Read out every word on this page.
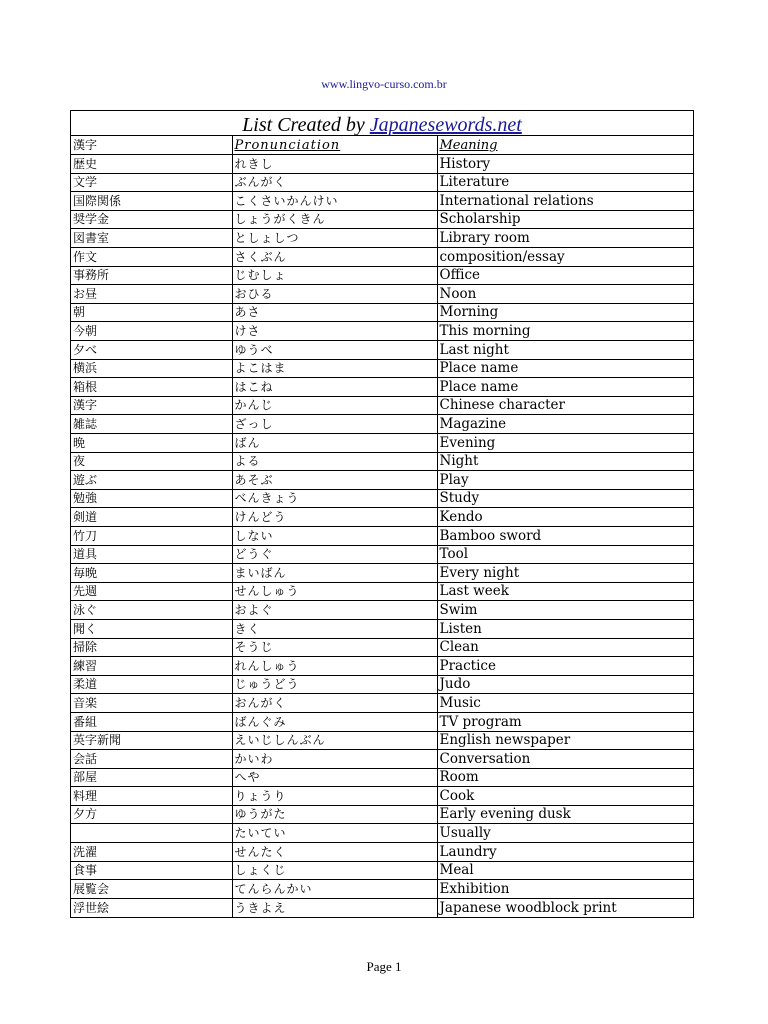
www.lingvo-curso.com.br
List Created by Japanesewords.net
漢字	Pronunciation	Meaning
歴史	れきし	History
文学	ぶんがく	Literature
国際関係	こくさいかんけい	International relations
奨学金	しょうがくきん	Scholarship
図書室	としょしつ	Library room
作文	さくぶん	composition/essay
事務所	じむしょ	Office
お昼	おひる	Noon
朝	あさ	Morning
今朝	けさ	This morning
夕べ	ゆうべ	Last night
横浜	よこはま	Place name
箱根	はこね	Place name
漢字	かんじ	Chinese character
雑誌	ざっし	Magazine
晩	ばん	Evening
夜	よる	Night
遊ぶ	あそぶ	Play
勉強	べんきょう	Study
剣道	けんどう	Kendo
竹刀	しない	Bamboo sword
道具	どうぐ	Tool
毎晩	まいばん	Every night
先週	せんしゅう	Last week
泳ぐ	およぐ	Swim
聞く	きく	Listen
掃除	そうじ	Clean
練習	れんしゅう	Practice
柔道	じゅうどう	Judo
音楽	おんがく	Music
番組	ばんぐみ	TV program
英字新聞	えいじしんぶん	English newspaper
会話	かいわ	Conversation
部屋	へや	Room
料理	りょうり	Cook
夕方	ゆうがた	Early evening dusk
	たいてい	Usually
洗濯	せんたく	Laundry
食事	しょくじ	Meal
展覧会	てんらんかい	Exhibition
浮世絵	うきよえ	Japanese woodblock print
Page 1
